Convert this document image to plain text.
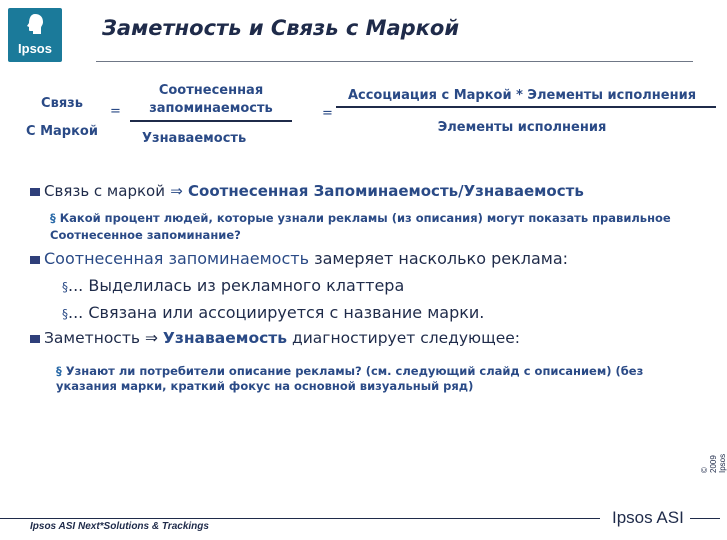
Ipsos
Заметность и Связь с Маркой
Связь
С Маркой
=
Соотнесенная запоминаемость
Узнаваемость
=
Ассоциация с Маркой * Элементы исполнения
Элементы исполнения
Связь с маркой ⇒ Соотнесенная Запоминаемость/Узнаваемость
§ Какой процент людей, которые узнали рекламы (из описания) могут показать правильное Соотнесенное запоминание?
Соотнесенная запоминаемость замеряет насколько реклама:
§... Выделилась из рекламного клаттера
§... Связана или ассоциируется с название марки.
Заметность ⇒ Узнаваемость диагностирует следующее:
§ Узнают ли потребители описание рекламы? (см. следующий слайд с описанием) (без указания марки, краткий фокус на основной визуальный ряд)
© 2009 Ipsos
Ipsos ASI Next*Solutions & Trackings	Ipsos ASI
